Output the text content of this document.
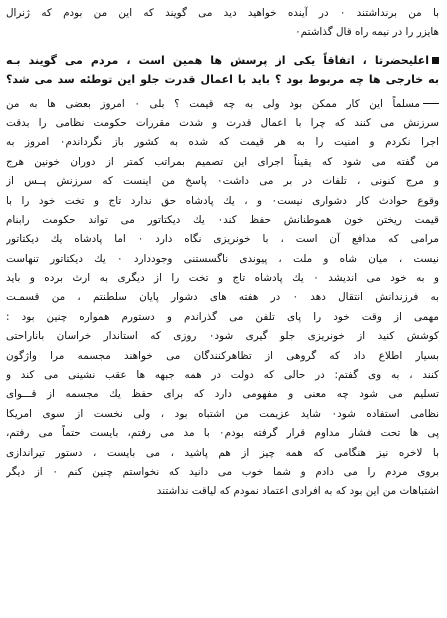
با من برنداشتند ۰ در آینده خواهید دید می گویند که این من بودم که ژنرال
هایزر را در نیمه راه قال گذاشتم۰
اعلیحضرتا ، اتفاقاً یکی از پرسش ها همین است ، مردم می گویند بـه
به خارجی ها چه مربوط بود ؟ باید با اعمال قدرت جلو این توطئه سد می شد؟
مسلماً این کار ممکن بود ولی به چه قیمت ؟ بلی ۰ امروز بعضی ها به من
سرزنش می کنند که چرا با اعمال قدرت و شدت مقررات حکومت نظامی را بدقت
اجرا نکردم و امنیت را به هر قیمت که شده به کشور باز نگرداندم۰ امروز به
من گفته می شود که یقیناً اجرای این تصمیم بمراتب کمتر از دوران خونین هرج
و مرج کنونی ، تلفات در بر می داشت۰ پاسخ من اینست که سرزنش پــس از
وقوع حوادث کار دشواری نیست۰ و ، یك پادشاه حق ندارد تاج و تخت خود را با
قیمت ریختن خون هموطنانش حفظ کند۰ یك دیکتاتور می تواند حکومت رابنام
مرامی که مدافع آن است ، با خونریزی نگاه دارد ۰ اما پادشاه یك دیکتاتور
نیست ، میان شاه و ملت ، پیوندی ناگسستنی وجوددارد ۰ یك دیکتاتور تنهاست
و به خود می اندیشد ۰ یك پادشاه تاج و تخت را از دیگری به ارث برده و باید
به فرزندانش انتقال دهد ۰ در هفته های دشوار پایان سلطنتم ، من قسمـت
مهمی از وقت خود را پای تلفن می گذراندم و دستورم همواره چنین بود :
کوشش کنید از خونریزی جلو گیری شود۰ روزی که استاندار خراسان باناراحتی
بسیار اطلاع داد که گروهی از تظاهرکنندگان می خواهند مجسمه مرا واژگون
کنند ، به وی گفتم: در حالی که دولت در همه جبهه ها عقب نشینی می کند و
تسلیم می شود چه معنی و مفهومی دارد که برای حفظ یك مجسمه از قـــوای
نظامی استفاده شود۰ شاید عزیمت من اشتباه بود ، ولی نخست از سوی امریکا
پی ها تحت فشار مداوم قرار گرفته بودم۰ با مد می رفتم، بایست حتماً می رفتم،
با لاخره نیز هنگامی که همه چیز از هم پاشید ، می بایست ، دستور تیراندازی
بروی مردم را می دادم و شما خوب می دانید که نخواستم چنین کنم ۰ از دیگر
اشتباهات من این بود که به افرادی اعتماد نمودم که لیاقت نداشتند
